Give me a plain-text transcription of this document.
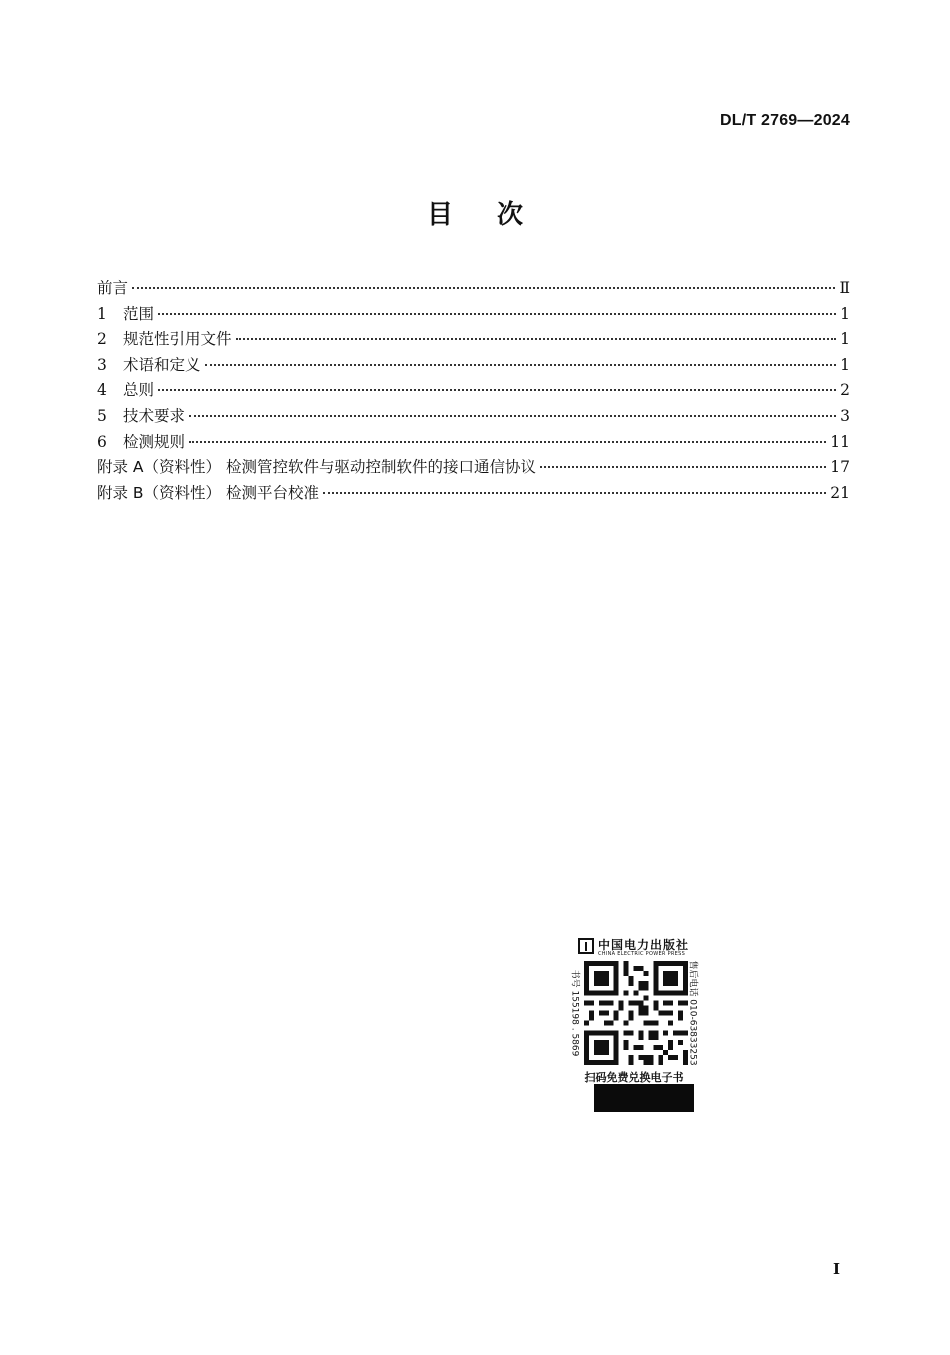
DL/T 2769—2024
目次
前言	Ⅱ
1 范围	1
2 规范性引用文件	1
3 术语和定义	1
4 总则	2
5 技术要求	3
6 检测规则	11
附录 A（资料性） 检测管控软件与驱动控制软件的接口通信协议	17
附录 B（资料性） 检测平台校准	21
中国电力出版社
CHINA ELECTRIC POWER PRESS
书号 155198 . 5869	售后电话 010-63833253
扫码免费兑换电子书
I
